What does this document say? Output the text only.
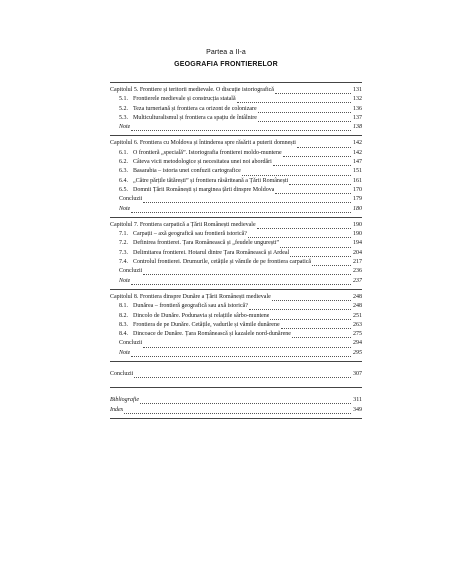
Partea a II-a
GEOGRAFIA FRONTIERELOR
Capitolul 5. Frontiere și teritorii medievale. O discuție istoriografică	131
5.1. Frontierele medievale și construcția statală	132
5.2. Teza turneriană și frontiera ca orizont de colonizare	136
5.3. Multiculturalismul și frontiera ca spațiu de întâlnire	137
Note	138
Capitolul 6. Frontiera cu Moldova și întinderea spre răsărit a puterii domnești	142
6.1. O frontieră „specială”. Istoriografia frontierei moldo-muntene	142
6.2. Câteva vicii metodologice și necesitatea unei noi abordări	147
6.3. Basarabia – istoria unei confuzii cartografice	151
6.4. „Către părțile tătărești” și frontiera răsăriteană a Țării Românești	161
6.5. Domnii Țării Românești și marginea țării dinspre Moldova	170
Concluzii	179
Note	180
Capitolul 7. Frontiera carpatică a Țării Românești medievale	190
7.1. Carpații – axă geografică sau frontieră istorică?	190
7.2. Definirea frontierei. Țara Românească și „feudele ungurești”	194
7.3. Delimitarea frontierei. Hotarul dintre Țara Românească și Ardeal	204
7.4. Controlul frontierei. Drumurile, cetățile și vămile de pe frontiera carpatică	217
Concluzii	236
Note	237
Capitolul 8. Frontiera dinspre Dunăre a Țării Românești medievale	248
8.1. Dunărea – frontieră geografică sau axă istorică?	248
8.2. Dincolo de Dunăre. Podunavia și relațiile sârbo-muntene	251
8.3. Frontiera de pe Dunăre. Cetățile, vadurile și vămile dunărene	263
8.4. Dincoace de Dunăre. Țara Românească și kazalele nord-dunărene	275
Concluzii	294
Note	295
Concluzii	307
Bibliografie	311
Index	349
